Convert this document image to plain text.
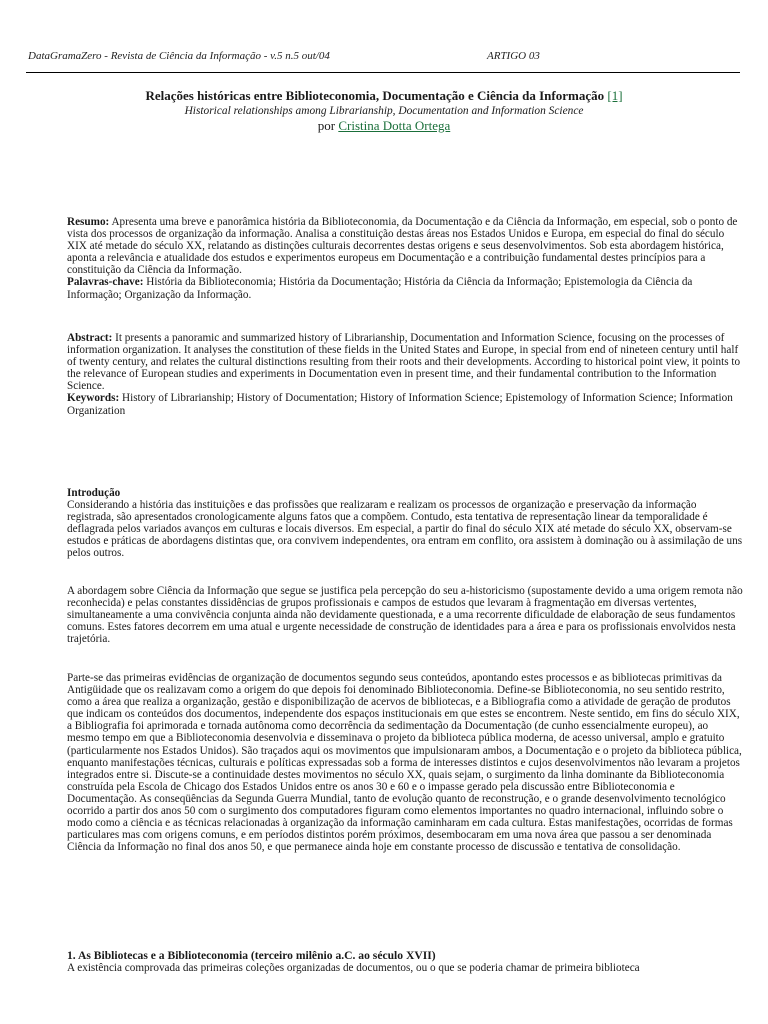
DataGramaZero - Revista de Ciência da Informação - v.5 n.5 out/04	ARTIGO 03
Relações históricas entre Biblioteconomia, Documentação e Ciência da Informação [1]
Historical relationships among Librarianship, Documentation and Information Science
por Cristina Dotta Ortega

Resumo: Apresenta uma breve e panorâmica história da Biblioteconomia, da Documentação e da Ciência da Informação, em especial, sob o ponto de vista dos processos de organização da informação. Analisa a constituição destas áreas nos Estados Unidos e Europa, em especial do final do século XIX até metade do século XX, relatando as distinções culturais decorrentes destas origens e seus desenvolvimentos. Sob esta abordagem histórica, aponta a relevância e atualidade dos estudos e experimentos europeus em Documentação e a contribuição fundamental destes princípios para a constituição da Ciência da Informação.

Palavras-chave: História da Biblioteconomia; História da Documentação; História da Ciência da Informação; Epistemologia da Ciência da Informação; Organização da Informação.

Abstract: It presents a panoramic and summarized history of Librarianship, Documentation and Information Science, focusing on the processes of information organization. It analyses the constitution of these fields in the United States and Europe, in special from end of nineteen century until half of twenty century, and relates the cultural distinctions resulting from their roots and their developments. According to historical point view, it points to the relevance of European studies and experiments in Documentation even in present time, and their fundamental contribution to the Information Science.

Keywords: History of Librarianship; History of Documentation; History of Information Science; Epistemology of Information Science; Information Organization

Introdução

Considerando a história das instituições e das profissões que realizaram e realizam os processos de organização e preservação da informação registrada, são apresentados cronologicamente alguns fatos que a compõem. Contudo, esta tentativa de representação linear da temporalidade é deflagrada pelos variados avanços em culturas e locais diversos. Em especial, a partir do final do século XIX até metade do século XX, observam-se estudos e práticas de abordagens distintas que, ora convivem independentes, ora entram em conflito, ora assistem à dominação ou à assimilação de uns pelos outros.

A abordagem sobre Ciência da Informação que segue se justifica pela percepção do seu a-historicismo (supostamente devido a uma origem remota não reconhecida) e pelas constantes dissidências de grupos profissionais e campos de estudos que levaram à fragmentação em diversas vertentes, simultaneamente a uma convivência conjunta ainda não devidamente questionada, e a uma recorrente dificuldade de elaboração de seus fundamentos comuns. Estes fatores decorrem em uma atual e urgente necessidade de construção de identidades para a área e para os profissionais envolvidos nesta trajetória.

Parte-se das primeiras evidências de organização de documentos segundo seus conteúdos, apontando estes processos e as bibliotecas primitivas da Antigüidade que os realizavam como a origem do que depois foi denominado Biblioteconomia. Define-se Biblioteconomia, no seu sentido restrito, como a área que realiza a organização, gestão e disponibilização de acervos de bibliotecas, e a Bibliografia como a atividade de geração de produtos que indicam os conteúdos dos documentos, independente dos espaços institucionais em que estes se encontrem. Neste sentido, em fins do século XIX, a Bibliografia foi aprimorada e tornada autônoma como decorrência da sedimentação da Documentação (de cunho essencialmente europeu), ao mesmo tempo em que a Biblioteconomia desenvolvia e disseminava o projeto da biblioteca pública moderna, de acesso universal, amplo e gratuito (particularmente nos Estados Unidos). São traçados aqui os movimentos que impulsionaram ambos, a Documentação e o projeto da biblioteca pública, enquanto manifestações técnicas, culturais e políticas expressadas sob a forma de interesses distintos e cujos desenvolvimentos não levaram a projetos integrados entre si. Discute-se a continuidade destes movimentos no século XX, quais sejam, o surgimento da linha dominante da Biblioteconomia construída pela Escola de Chicago dos Estados Unidos entre os anos 30 e 60 e o impasse gerado pela discussão entre Biblioteconomia e Documentação. As conseqüências da Segunda Guerra Mundial, tanto de evolução quanto de reconstrução, e o grande desenvolvimento tecnológico ocorrido a partir dos anos 50 com o surgimento dos computadores figuram como elementos importantes no quadro internacional, influindo sobre o modo como a ciência e as técnicas relacionadas à organização da informação caminharam em cada cultura. Estas manifestações, ocorridas de formas particulares mas com origens comuns, e em períodos distintos porém próximos, desembocaram em uma nova área que passou a ser denominada Ciência da Informação no final dos anos 50, e que permanece ainda hoje em constante processo de discussão e tentativa de consolidação.

1. As Bibliotecas e a Biblioteconomia (terceiro milênio a.C. ao século XVII)

A existência comprovada das primeiras coleções organizadas de documentos, ou o que se poderia chamar de primeira biblioteca
